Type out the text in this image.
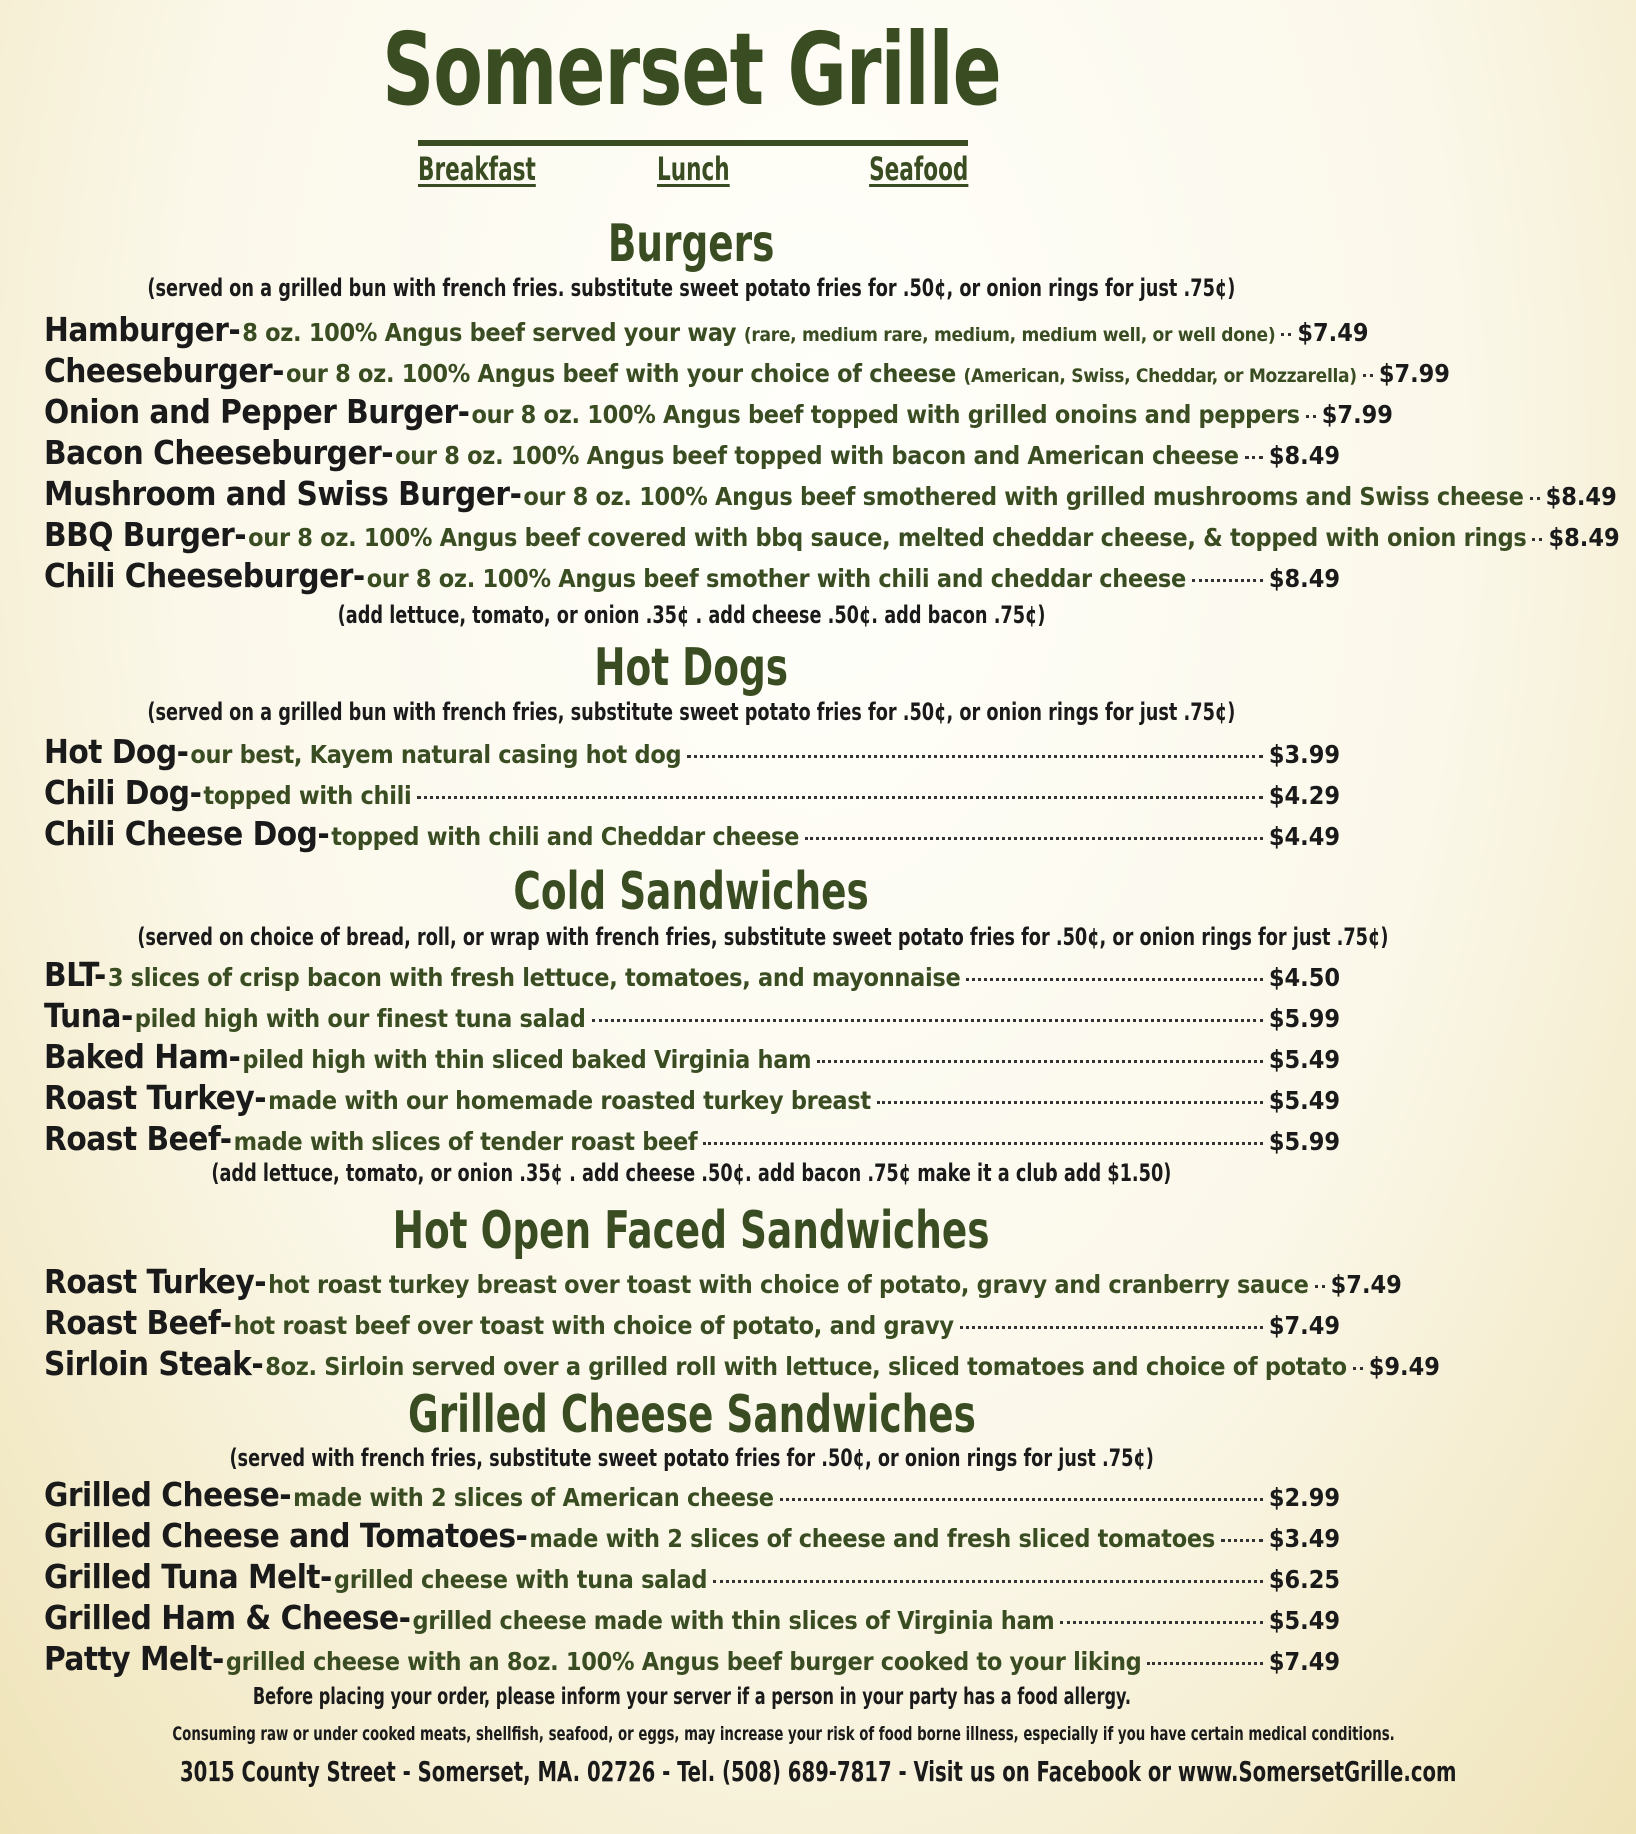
Somerset Grille
Breakfast	Lunch	Seafood
Burgers
(served on a grilled bun with french fries. substitute sweet potato fries for .50¢, or onion rings for just .75¢)
Hamburger- 8 oz. 100% Angus beef served your way (rare, medium rare, medium, medium well, or well done) $7.49
Cheeseburger- our 8 oz. 100% Angus beef with your choice of cheese (American, Swiss, Cheddar, or Mozzarella) $7.99
Onion and Pepper Burger- our 8 oz. 100% Angus beef topped with grilled onoins and peppers $7.99
Bacon Cheeseburger- our 8 oz. 100% Angus beef topped with bacon and American cheese $8.49
Mushroom and Swiss Burger- our 8 oz. 100% Angus beef smothered with grilled mushrooms and Swiss cheese $8.49
BBQ Burger- our 8 oz. 100% Angus beef covered with bbq sauce, melted cheddar cheese, & topped with onion rings $8.49
Chili Cheeseburger- our 8 oz. 100% Angus beef smother with chili and cheddar cheese	$8.49
(add lettuce, tomato, or onion .35¢ . add cheese .50¢. add bacon .75¢)
Hot Dogs
(served on a grilled bun with french fries, substitute sweet potato fries for .50¢, or onion rings for just .75¢)
Hot Dog- our best, Kayem natural casing hot dog	$3.99
Chili Dog- topped with chili	$4.29
Chili Cheese Dog- topped with chili and Cheddar cheese	$4.49
Cold Sandwiches
(served on choice of bread, roll, or wrap with french fries, substitute sweet potato fries for .50¢, or onion rings for just .75¢)
BLT- 3 slices of crisp bacon with fresh lettuce, tomatoes, and mayonnaise	$4.50
Tuna- piled high with our finest tuna salad	$5.99
Baked Ham- piled high with thin sliced baked Virginia ham	$5.49
Roast Turkey- made with our homemade roasted turkey breast	$5.49
Roast Beef- made with slices of tender roast beef	$5.99
(add lettuce, tomato, or onion .35¢ . add cheese .50¢. add bacon .75¢ make it a club add $1.50)
Hot Open Faced Sandwiches
Roast Turkey- hot roast turkey breast over toast with choice of potato, gravy and cranberry sauce $7.49
Roast Beef- hot roast beef over toast with choice of potato, and gravy	$7.49
Sirloin Steak- 8oz. Sirloin served over a grilled roll with lettuce, sliced tomatoes and choice of potato $9.49
Grilled Cheese Sandwiches
(served with french fries, substitute sweet potato fries for .50¢, or onion rings for just .75¢)
Grilled Cheese- made with 2 slices of American cheese	$2.99
Grilled Cheese and Tomatoes- made with 2 slices of cheese and fresh sliced tomatoes $3.49
Grilled Tuna Melt- grilled cheese with tuna salad	$6.25
Grilled Ham & Cheese- grilled cheese made with thin slices of Virginia ham	$5.49
Patty Melt- grilled cheese with an 8oz. 100% Angus beef burger cooked to your liking	$7.49
Before placing your order, please inform your server if a person in your party has a food allergy.
Consuming raw or under cooked meats, shellfish, seafood, or eggs, may increase your risk of food borne illness, especially if you have certain medical conditions.
3015 County Street - Somerset, MA. 02726 - Tel. (508) 689-7817 - Visit us on Facebook or www.SomersetGrille.com
